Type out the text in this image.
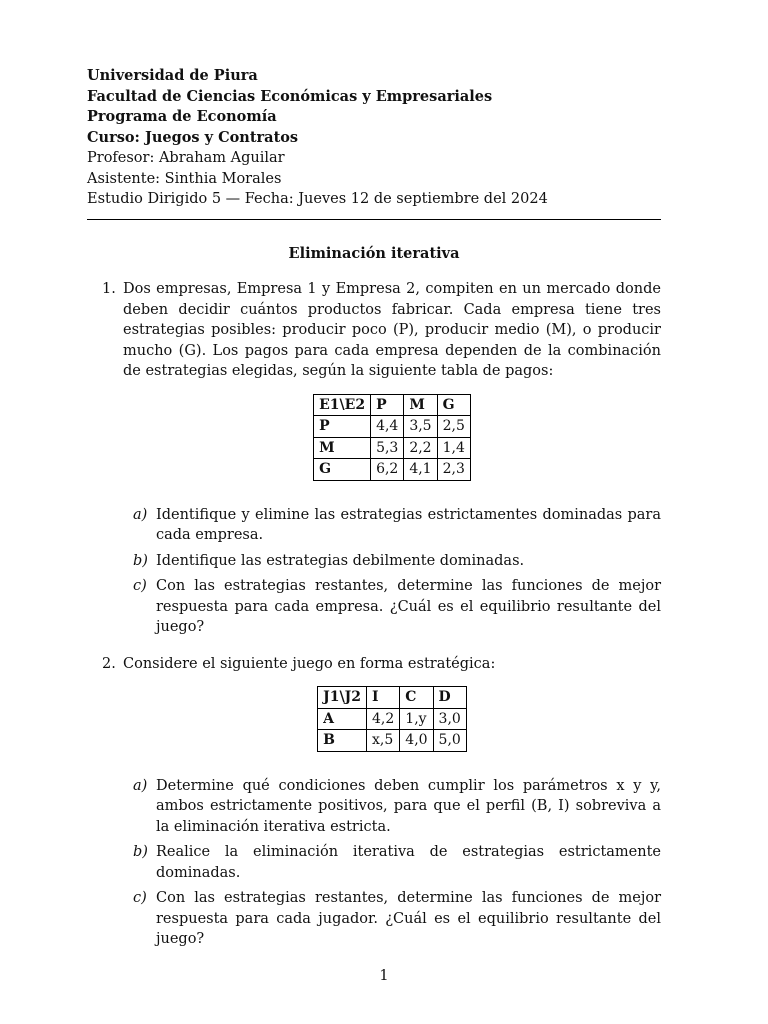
Universidad de Piura
Facultad de Ciencias Económicas y Empresariales
Programa de Economía
Curso: Juegos y Contratos
Profesor: Abraham Aguilar
Asistente: Sinthia Morales
Estudio Dirigido 5 — Fecha: Jueves 12 de septiembre del 2024
Eliminación iterativa
1. Dos empresas, Empresa 1 y Empresa 2, compiten en un mercado donde deben decidir cuántos productos fabricar. Cada empresa tiene tres estrategias posibles: producir poco (P), producir medio (M), o producir mucho (G). Los pagos para cada empresa dependen de la combinación de estrategias elegidas, según la siguiente tabla de pagos:
E1\E2	P	M	G
P	4,4	3,5	2,5
M	5,3	2,2	1,4
G	6,2	4,1	2,3
a) Identifique y elimine las estrategias estrictamentes dominadas para cada empresa.
b) Identifique las estrategias debilmente dominadas.
c) Con las estrategias restantes, determine las funciones de mejor respuesta para cada empresa. ¿Cuál es el equilibrio resultante del juego?
2. Considere el siguiente juego en forma estratégica:
J1\J2	I	C	D
A	4,2	1,y	3,0
B	x,5	4,0	5,0
a) Determine qué condiciones deben cumplir los parámetros x y y, ambos estrictamente positivos, para que el perfil (B, I) sobreviva a la eliminación iterativa estricta.
b) Realice la eliminación iterativa de estrategias estrictamente dominadas.
c) Con las estrategias restantes, determine las funciones de mejor respuesta para cada jugador. ¿Cuál es el equilibrio resultante del juego?
1
